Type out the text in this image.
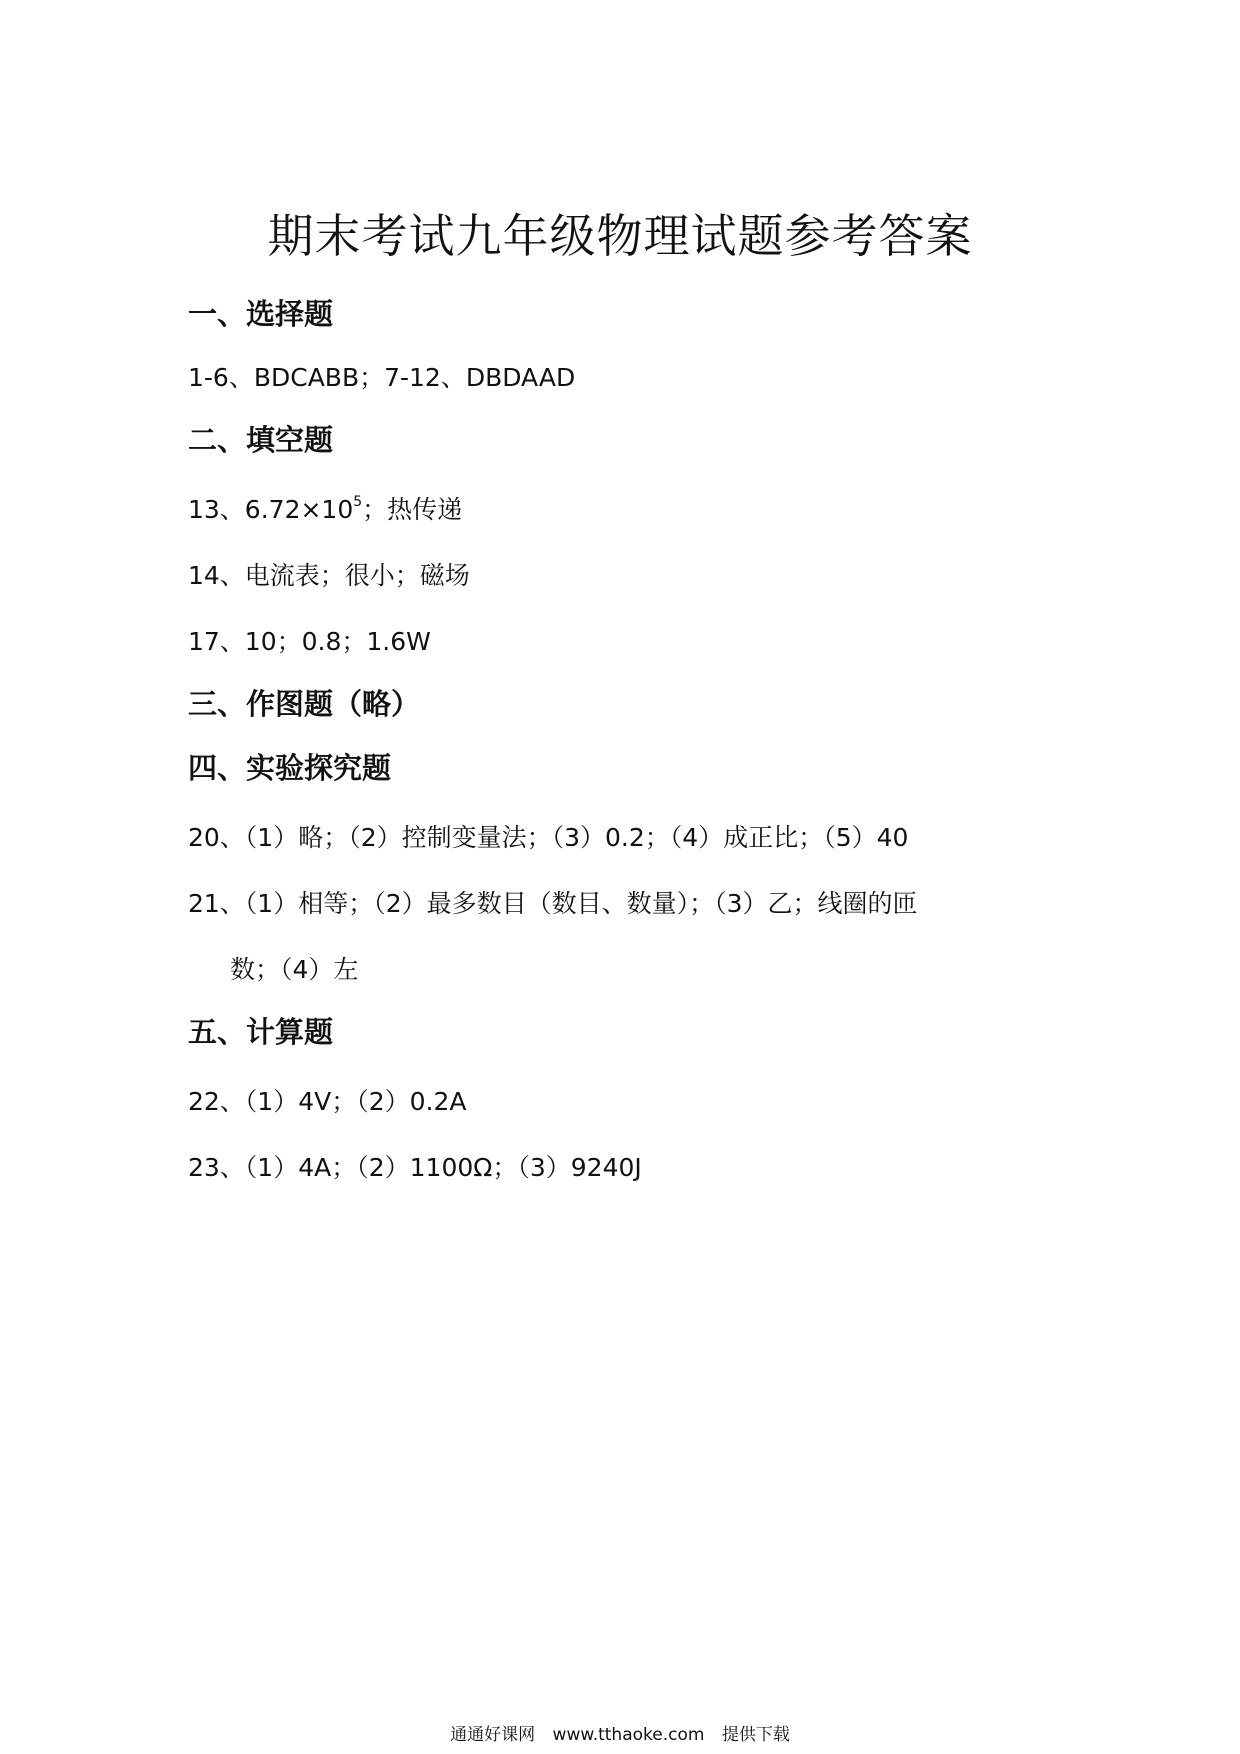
期末考试九年级物理试题参考答案
一、选择题
1-6、BDCABB；7-12、DBDAAD
二、填空题
13、$6.72\times 10^5$；热传递
14、电流表；很小；磁场
17、10；0.8；1.6W
三、作图题（略）
四、实验探究题
20、（1）略；（2）控制变量法；（3）0.2；（4）成正比；（5）40
21、（1）相等；（2）最多数目（数目、数量）；（3）乙；线圈的匝
数；（4）左
五、计算题
22、（1）4V；（2）0.2A
23、（1）4A；（2）1100Ω；（3）9240J
通通好课网 www.tthaoke.com 提供下载
